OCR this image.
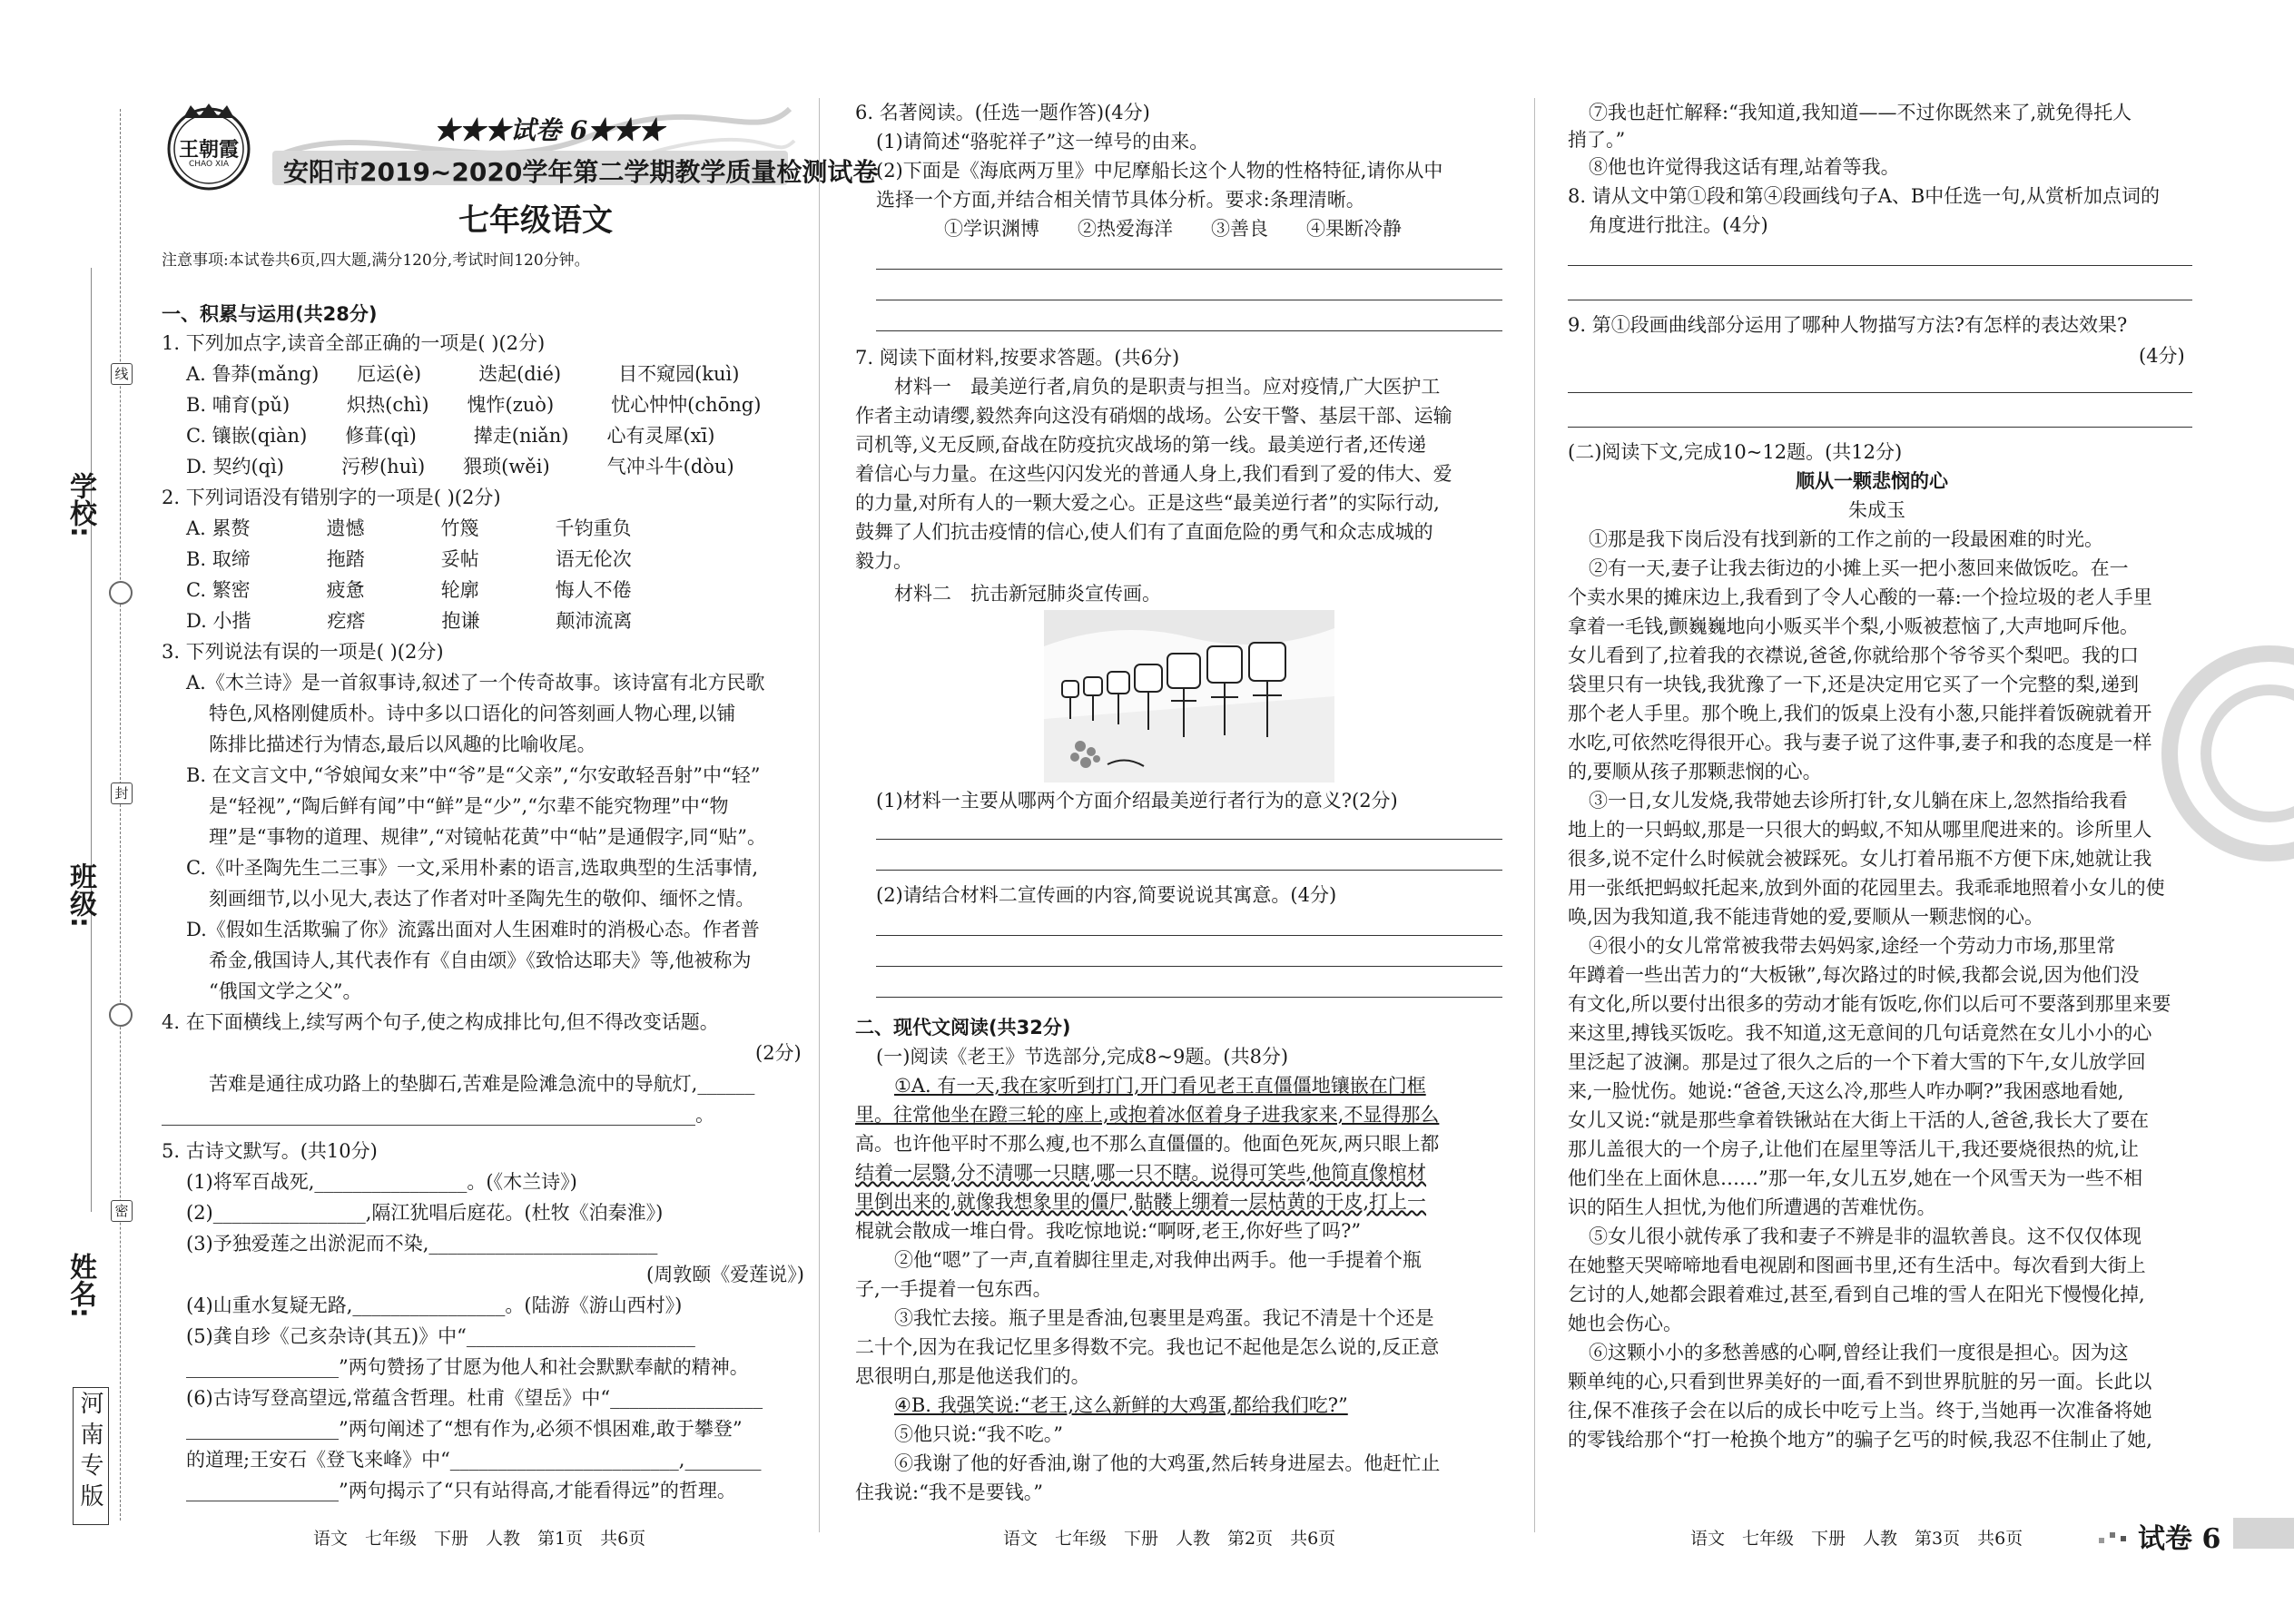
王朝霞
CHAO XIA
★★★试卷 6★★★
安阳市2019~2020学年第二学期教学质量检测试卷
七年级语文
注意事项:本试卷共6页,四大题,满分120分,考试时间120分钟。
学校:
班级:
姓名:
线
封
密
河南专版
一、积累与运用(共28分)
1. 下列加点字,读音全部正确的一项是( )(2分)
A. 鲁莽(mǎng)　　厄运(è)　　　迭起(dié)　　　目不窥园(kuì)
B. 哺育(pǔ)　　　炽热(chì)　　愧怍(zuò)　　　忧心忡忡(chōng)
C. 镶嵌(qiàn)　　修葺(qì)　　　撵走(niǎn)　　心有灵犀(xī)
D. 契约(qì)　　　污秽(huì)　　猥琐(wěi)　　　气冲斗牛(dòu)
2. 下列词语没有错别字的一项是( )(2分)
A. 累赘　　　　遗憾　　　　竹篾　　　　千钧重负
B. 取缔　　　　拖踏　　　　妥帖　　　　语无伦次
C. 繁密　　　　疲惫　　　　轮廓　　　　悔人不倦
D. 小揩　　　　疙瘩　　　　抱谦　　　　颠沛流离
3. 下列说法有误的一项是( )(2分)
A.《木兰诗》是一首叙事诗,叙述了一个传奇故事。该诗富有北方民歌
特色,风格刚健质朴。诗中多以口语化的问答刻画人物心理,以铺
陈排比描述行为情态,最后以风趣的比喻收尾。
B. 在文言文中,“爷娘闻女来”中“爷”是“父亲”,“尔安敢轻吾射”中“轻”
是“轻视”,“陶后鲜有闻”中“鲜”是“少”,“尔辈不能究物理”中“物
理”是“事物的道理、规律”,“对镜帖花黄”中“帖”是通假字,同“贴”。
C.《叶圣陶先生二三事》一文,采用朴素的语言,选取典型的生活事情,
刻画细节,以小见大,表达了作者对叶圣陶先生的敬仰、缅怀之情。
D.《假如生活欺骗了你》流露出面对人生困难时的消极心态。作者普
希金,俄国诗人,其代表作有《自由颂》《致恰达耶夫》等,他被称为
“俄国文学之父”。
4. 在下面横线上,续写两个句子,使之构成排比句,但不得改变话题。
(2分)
苦难是通往成功路上的垫脚石,苦难是险滩急流中的导航灯,______
________________________________________________________。
5. 古诗文默写。(共10分)
(1)将军百战死,________________。(《木兰诗》)
(2)________________,隔江犹唱后庭花。(杜牧《泊秦淮》)
(3)予独爱莲之出淤泥而不染,________________________
(周敦颐《爱莲说》)
(4)山重水复疑无路,________________。(陆游《游山西村》)
(5)龚自珍《己亥杂诗(其五)》中“________________________
________________”两句赞扬了甘愿为他人和社会默默奉献的精神。
(6)古诗写登高望远,常蕴含哲理。杜甫《望岳》中“________________
________________”两句阐述了“想有作为,必须不惧困难,敢于攀登”
的道理;王安石《登飞来峰》中“________________________,________
________________”两句揭示了“只有站得高,才能看得远”的哲理。
6. 名著阅读。(任选一题作答)(4分)
(1)请简述“骆驼祥子”这一绰号的由来。
(2)下面是《海底两万里》中尼摩船长这个人物的性格特征,请你从中
选择一个方面,并结合相关情节具体分析。要求:条理清晰。
①学识渊博　　②热爱海洋　　③善良　　④果断冷静
7. 阅读下面材料,按要求答题。(共6分)
材料一　最美逆行者,肩负的是职责与担当。应对疫情,广大医护工
作者主动请缨,毅然奔向这没有硝烟的战场。公安干警、基层干部、运输
司机等,义无反顾,奋战在防疫抗灾战场的第一线。最美逆行者,还传递
着信心与力量。在这些闪闪发光的普通人身上,我们看到了爱的伟大、爱
的力量,对所有人的一颗大爱之心。正是这些“最美逆行者”的实际行动,
鼓舞了人们抗击疫情的信心,使人们有了直面危险的勇气和众志成城的
毅力。
材料二　抗击新冠肺炎宣传画。
(1)材料一主要从哪两个方面介绍最美逆行者行为的意义?(2分)
(2)请结合材料二宣传画的内容,简要说说其寓意。(4分)
二、现代文阅读(共32分)
(一)阅读《老王》节选部分,完成8~9题。(共8分)
①A. 有一天,我在家听到打门,开门看见老王直僵僵地镶嵌在门框
里。往常他坐在蹬三轮的座上,或抱着冰伛着身子进我家来,不显得那么
高。也许他平时不那么瘦,也不那么直僵僵的。他面色死灰,两只眼上都
结着一层翳,分不清哪一只瞎,哪一只不瞎。说得可笑些,他简直像棺材
里倒出来的,就像我想象里的僵尸,骷髅上绷着一层枯黄的干皮,打上一
棍就会散成一堆白骨。我吃惊地说:“啊呀,老王,你好些了吗?”
②他“嗯”了一声,直着脚往里走,对我伸出两手。他一手提着个瓶
子,一手提着一包东西。
③我忙去接。瓶子里是香油,包裹里是鸡蛋。我记不清是十个还是
二十个,因为在我记忆里多得数不完。我也记不起他是怎么说的,反正意
思很明白,那是他送我们的。
④B. 我强笑说:“老王,这么新鲜的大鸡蛋,都给我们吃?”
⑤他只说:“我不吃。”
⑥我谢了他的好香油,谢了他的大鸡蛋,然后转身进屋去。他赶忙止
住我说:“我不是要钱。”
⑦我也赶忙解释:“我知道,我知道——不过你既然来了,就免得托人
捎了。”
⑧他也许觉得我这话有理,站着等我。
8. 请从文中第①段和第④段画线句子A、B中任选一句,从赏析加点词的
角度进行批注。(4分)
9. 第①段画曲线部分运用了哪种人物描写方法?有怎样的表达效果?
(4分)
(二)阅读下文,完成10~12题。(共12分)
顺从一颗悲悯的心
朱成玉
①那是我下岗后没有找到新的工作之前的一段最困难的时光。
②有一天,妻子让我去街边的小摊上买一把小葱回来做饭吃。在一
个卖水果的摊床边上,我看到了令人心酸的一幕:一个捡垃圾的老人手里
拿着一毛钱,颤巍巍地向小贩买半个梨,小贩被惹恼了,大声地呵斥他。
女儿看到了,拉着我的衣襟说,爸爸,你就给那个爷爷买个梨吧。我的口
袋里只有一块钱,我犹豫了一下,还是决定用它买了一个完整的梨,递到
那个老人手里。那个晚上,我们的饭桌上没有小葱,只能拌着饭碗就着开
水吃,可依然吃得很开心。我与妻子说了这件事,妻子和我的态度是一样
的,要顺从孩子那颗悲悯的心。
③一日,女儿发烧,我带她去诊所打针,女儿躺在床上,忽然指给我看
地上的一只蚂蚁,那是一只很大的蚂蚁,不知从哪里爬进来的。诊所里人
很多,说不定什么时候就会被踩死。女儿打着吊瓶不方便下床,她就让我
用一张纸把蚂蚁托起来,放到外面的花园里去。我乖乖地照着小女儿的使
唤,因为我知道,我不能违背她的爱,要顺从一颗悲悯的心。
④很小的女儿常常被我带去妈妈家,途经一个劳动力市场,那里常
年蹲着一些出苦力的“大板锹”,每次路过的时候,我都会说,因为他们没
有文化,所以要付出很多的劳动才能有饭吃,你们以后可不要落到那里来要
来这里,搏钱买饭吃。我不知道,这无意间的几句话竟然在女儿小小的心
里泛起了波澜。那是过了很久之后的一个下着大雪的下午,女儿放学回
来,一脸忧伤。她说:“爸爸,天这么冷,那些人咋办啊?”我困惑地看她,
女儿又说:“就是那些拿着铁锹站在大街上干活的人,爸爸,我长大了要在
那儿盖很大的一个房子,让他们在屋里等活儿干,我还要烧很热的炕,让
他们坐在上面休息……”那一年,女儿五岁,她在一个风雪天为一些不相
识的陌生人担忧,为他们所遭遇的苦难忧伤。
⑤女儿很小就传承了我和妻子不辨是非的温软善良。这不仅仅体现
在她整天哭啼啼地看电视剧和图画书里,还有生活中。每次看到大街上
乞讨的人,她都会跟着难过,甚至,看到自己堆的雪人在阳光下慢慢化掉,
她也会伤心。
⑥这颗小小的多愁善感的心啊,曾经让我们一度很是担心。因为这
颗单纯的心,只看到世界美好的一面,看不到世界肮脏的另一面。长此以
往,保不准孩子会在以后的成长中吃亏上当。终于,当她再一次准备将她
的零钱给那个“打一枪换个地方”的骗子乞丐的时候,我忍不住制止了她,
语文　七年级　下册　人教　第1页　共6页	语文　七年级　下册　人教　第2页　共6页	语文　七年级　下册　人教　第3页　共6页	试卷 6
